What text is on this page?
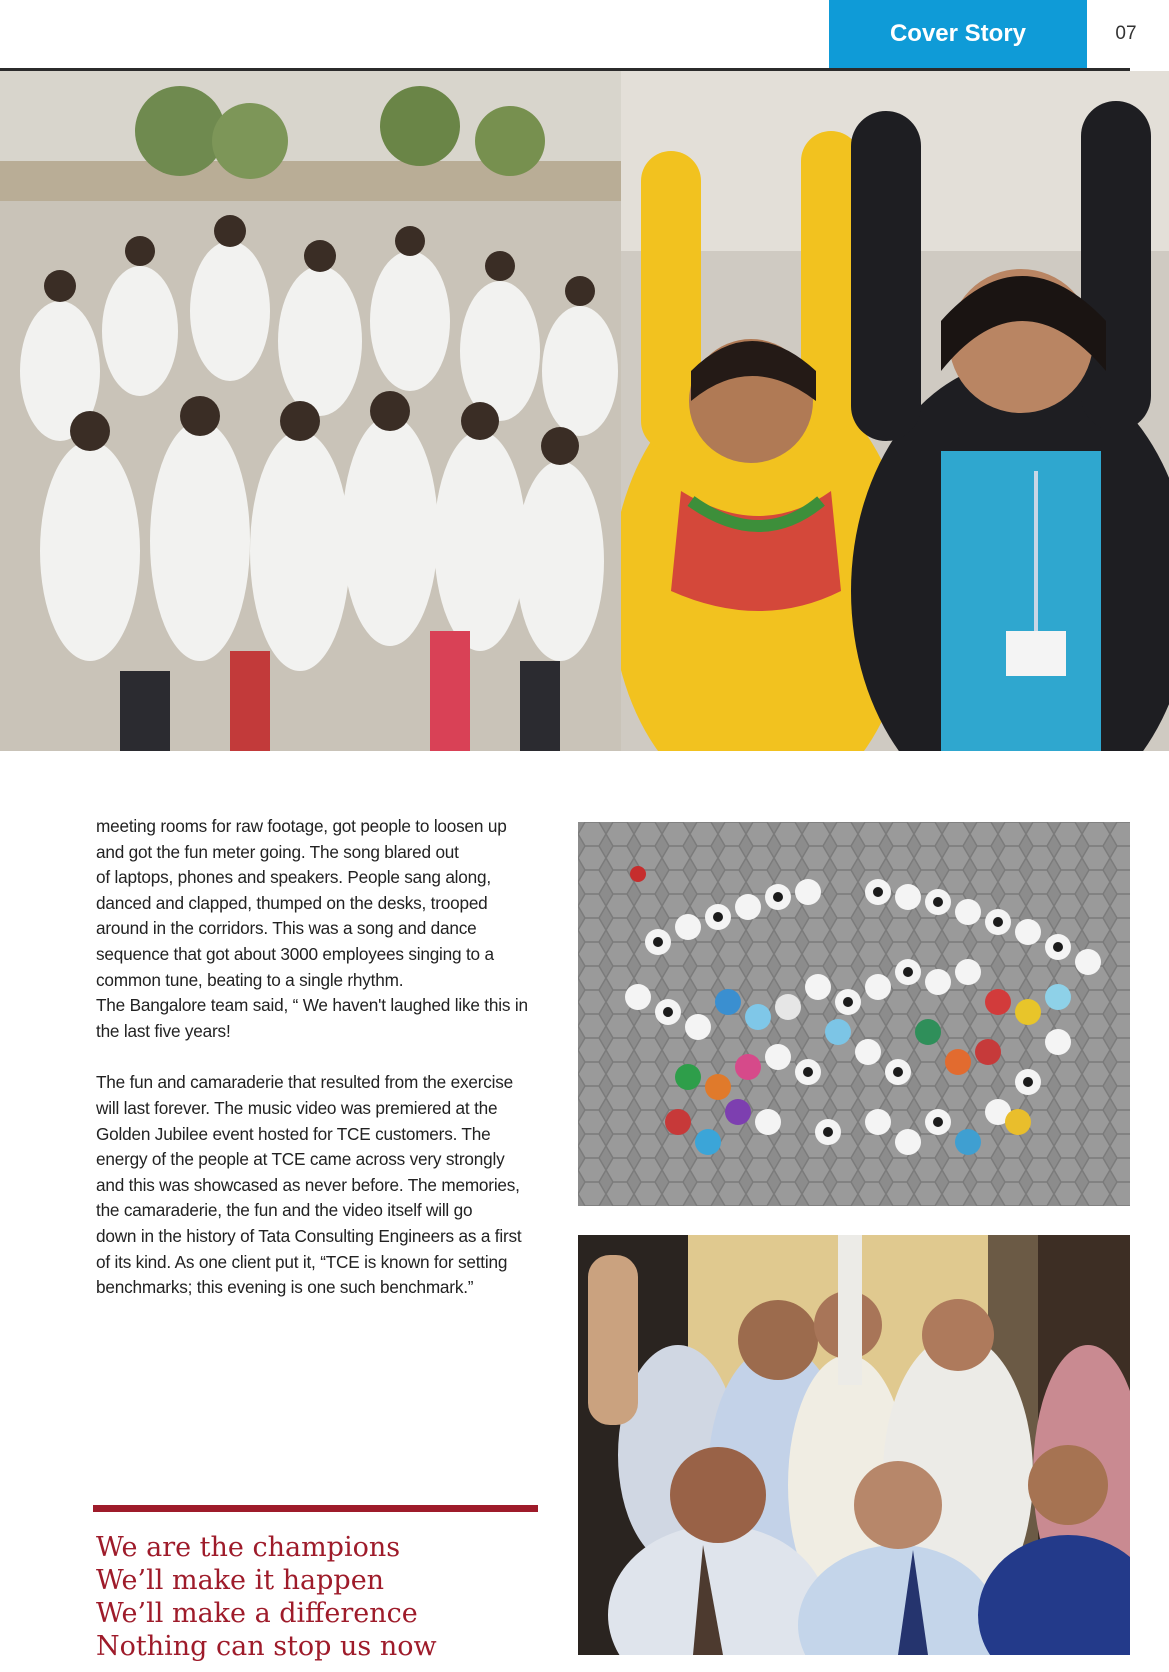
Cover Story	07

meeting rooms for raw footage, got people to loosen up
and got the fun meter going. The song blared out
of laptops, phones and speakers. People sang along,
danced and clapped, thumped on the desks, trooped
around in the corridors. This was a song and dance
sequence that got about 3000 employees singing to a
common tune, beating to a single rhythm.
The Bangalore team said, “ We haven't laughed like this in
the last five years!

The fun and camaraderie that resulted from the exercise
will last forever. The music video was premiered at the
Golden Jubilee event hosted for TCE customers. The
energy of the people at TCE came across very strongly
and this was showcased as never before. The memories,
the camaraderie, the fun and the video itself will go
down in the history of Tata Consulting Engineers as a first
of its kind. As one client put it, “TCE is known for setting
benchmarks; this evening is one such benchmark.”

We are the champions
We’ll make it happen
We’ll make a difference
Nothing can stop us now
